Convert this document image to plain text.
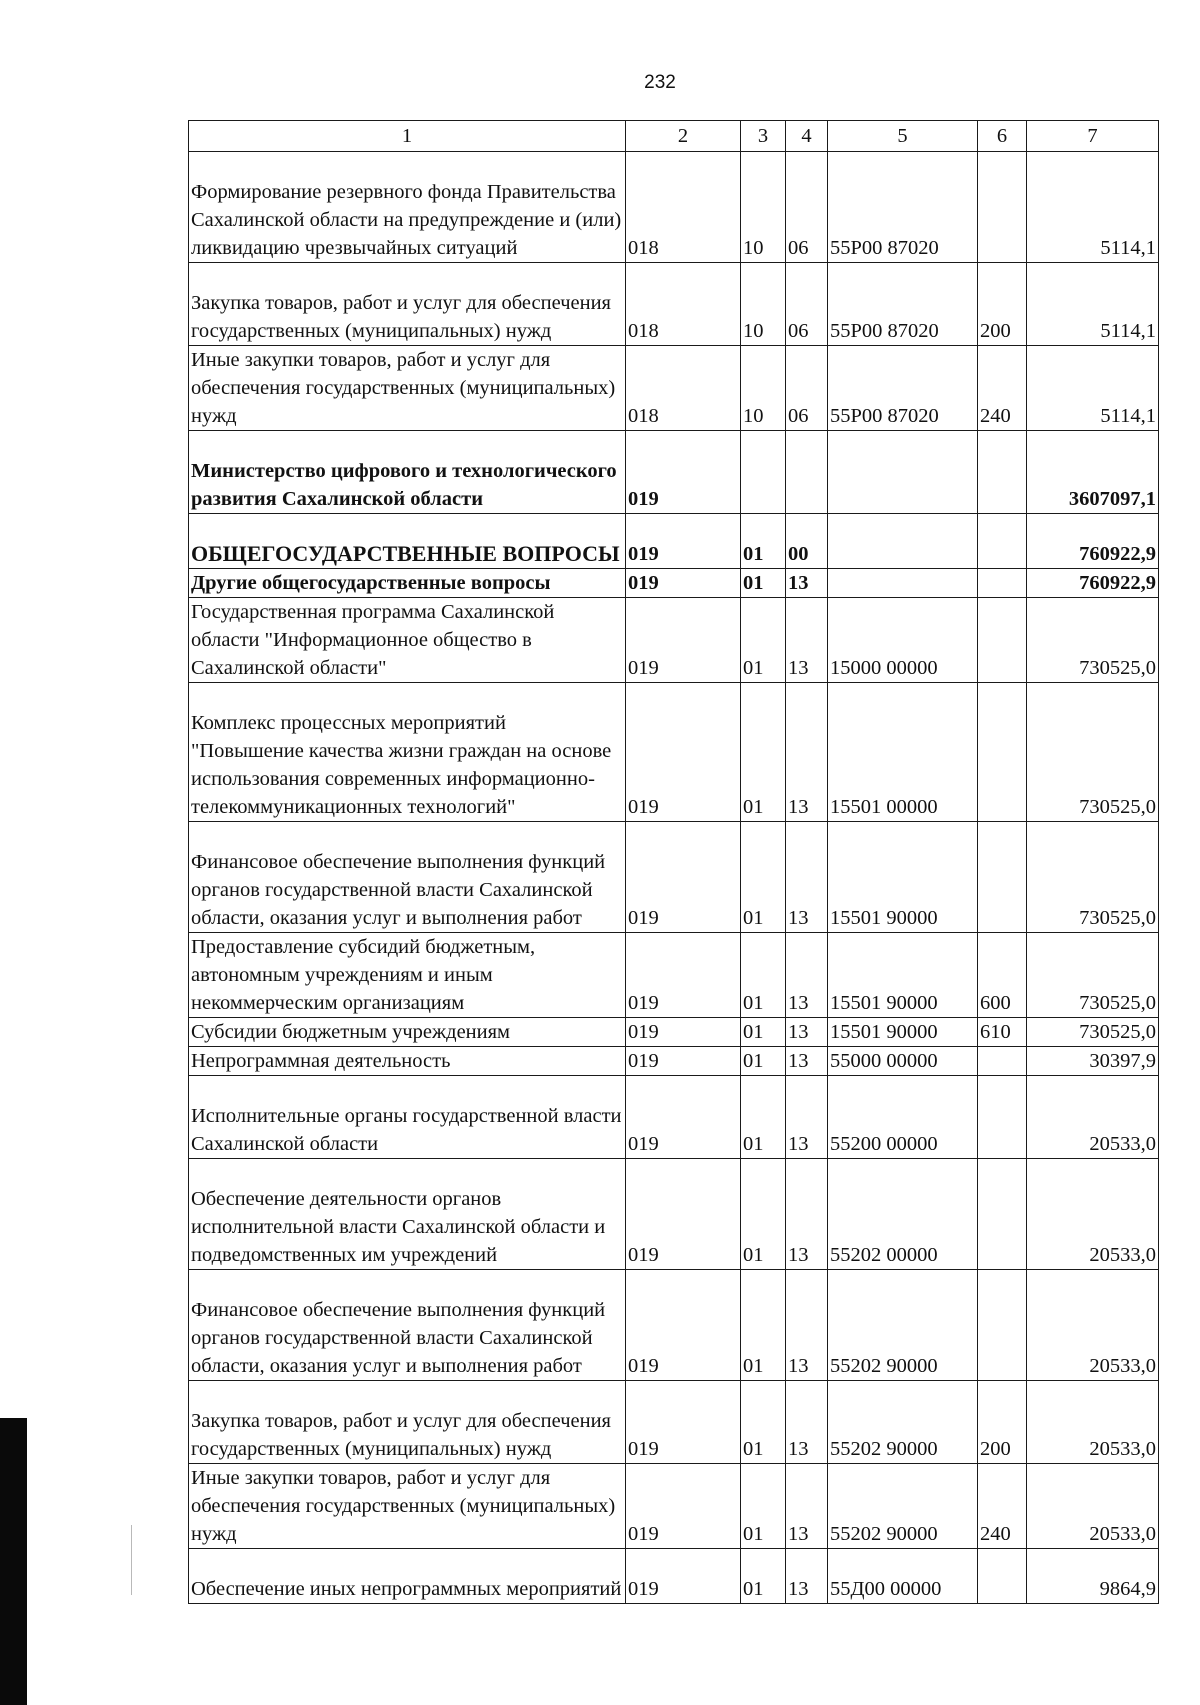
232
1	2	3	4	5	6	7
Формирование резервного фонда Правительства Сахалинской области на предупреждение и (или) ликвидацию чрезвычайных ситуаций	018	10	06	55Р00 87020		5114,1
Закупка товаров, работ и услуг для обеспечения государственных (муниципальных) нужд	018	10	06	55Р00 87020	200	5114,1
Иные закупки товаров, работ и услуг для обеспечения государственных (муниципальных) нужд	018	10	06	55Р00 87020	240	5114,1
Министерство цифрового и технологического развития Сахалинской области	019					3607097,1
ОБЩЕГОСУДАРСТВЕННЫЕ ВОПРОСЫ	019	01	00			760922,9
Другие общегосударственные вопросы	019	01	13			760922,9
Государственная программа Сахалинской области "Информационное общество в Сахалинской области"	019	01	13	15000 00000		730525,0
Комплекс процессных мероприятий "Повышение качества жизни граждан на основе использования современных информационно-телекоммуникационных технологий"	019	01	13	15501 00000		730525,0
Финансовое обеспечение выполнения функций органов государственной власти Сахалинской области, оказания услуг и выполнения работ	019	01	13	15501 90000		730525,0
Предоставление субсидий бюджетным, автономным учреждениям и иным некоммерческим организациям	019	01	13	15501 90000	600	730525,0
Субсидии бюджетным учреждениям	019	01	13	15501 90000	610	730525,0
Непрограммная деятельность	019	01	13	55000 00000		30397,9
Исполнительные органы государственной власти Сахалинской области	019	01	13	55200 00000		20533,0
Обеспечение деятельности органов исполнительной власти Сахалинской области и подведомственных им учреждений	019	01	13	55202 00000		20533,0
Финансовое обеспечение выполнения функций органов государственной власти Сахалинской области, оказания услуг и выполнения работ	019	01	13	55202 90000		20533,0
Закупка товаров, работ и услуг для обеспечения государственных (муниципальных) нужд	019	01	13	55202 90000	200	20533,0
Иные закупки товаров, работ и услуг для обеспечения государственных (муниципальных) нужд	019	01	13	55202 90000	240	20533,0
Обеспечение иных непрограммных мероприятий	019	01	13	55Д00 00000		9864,9
